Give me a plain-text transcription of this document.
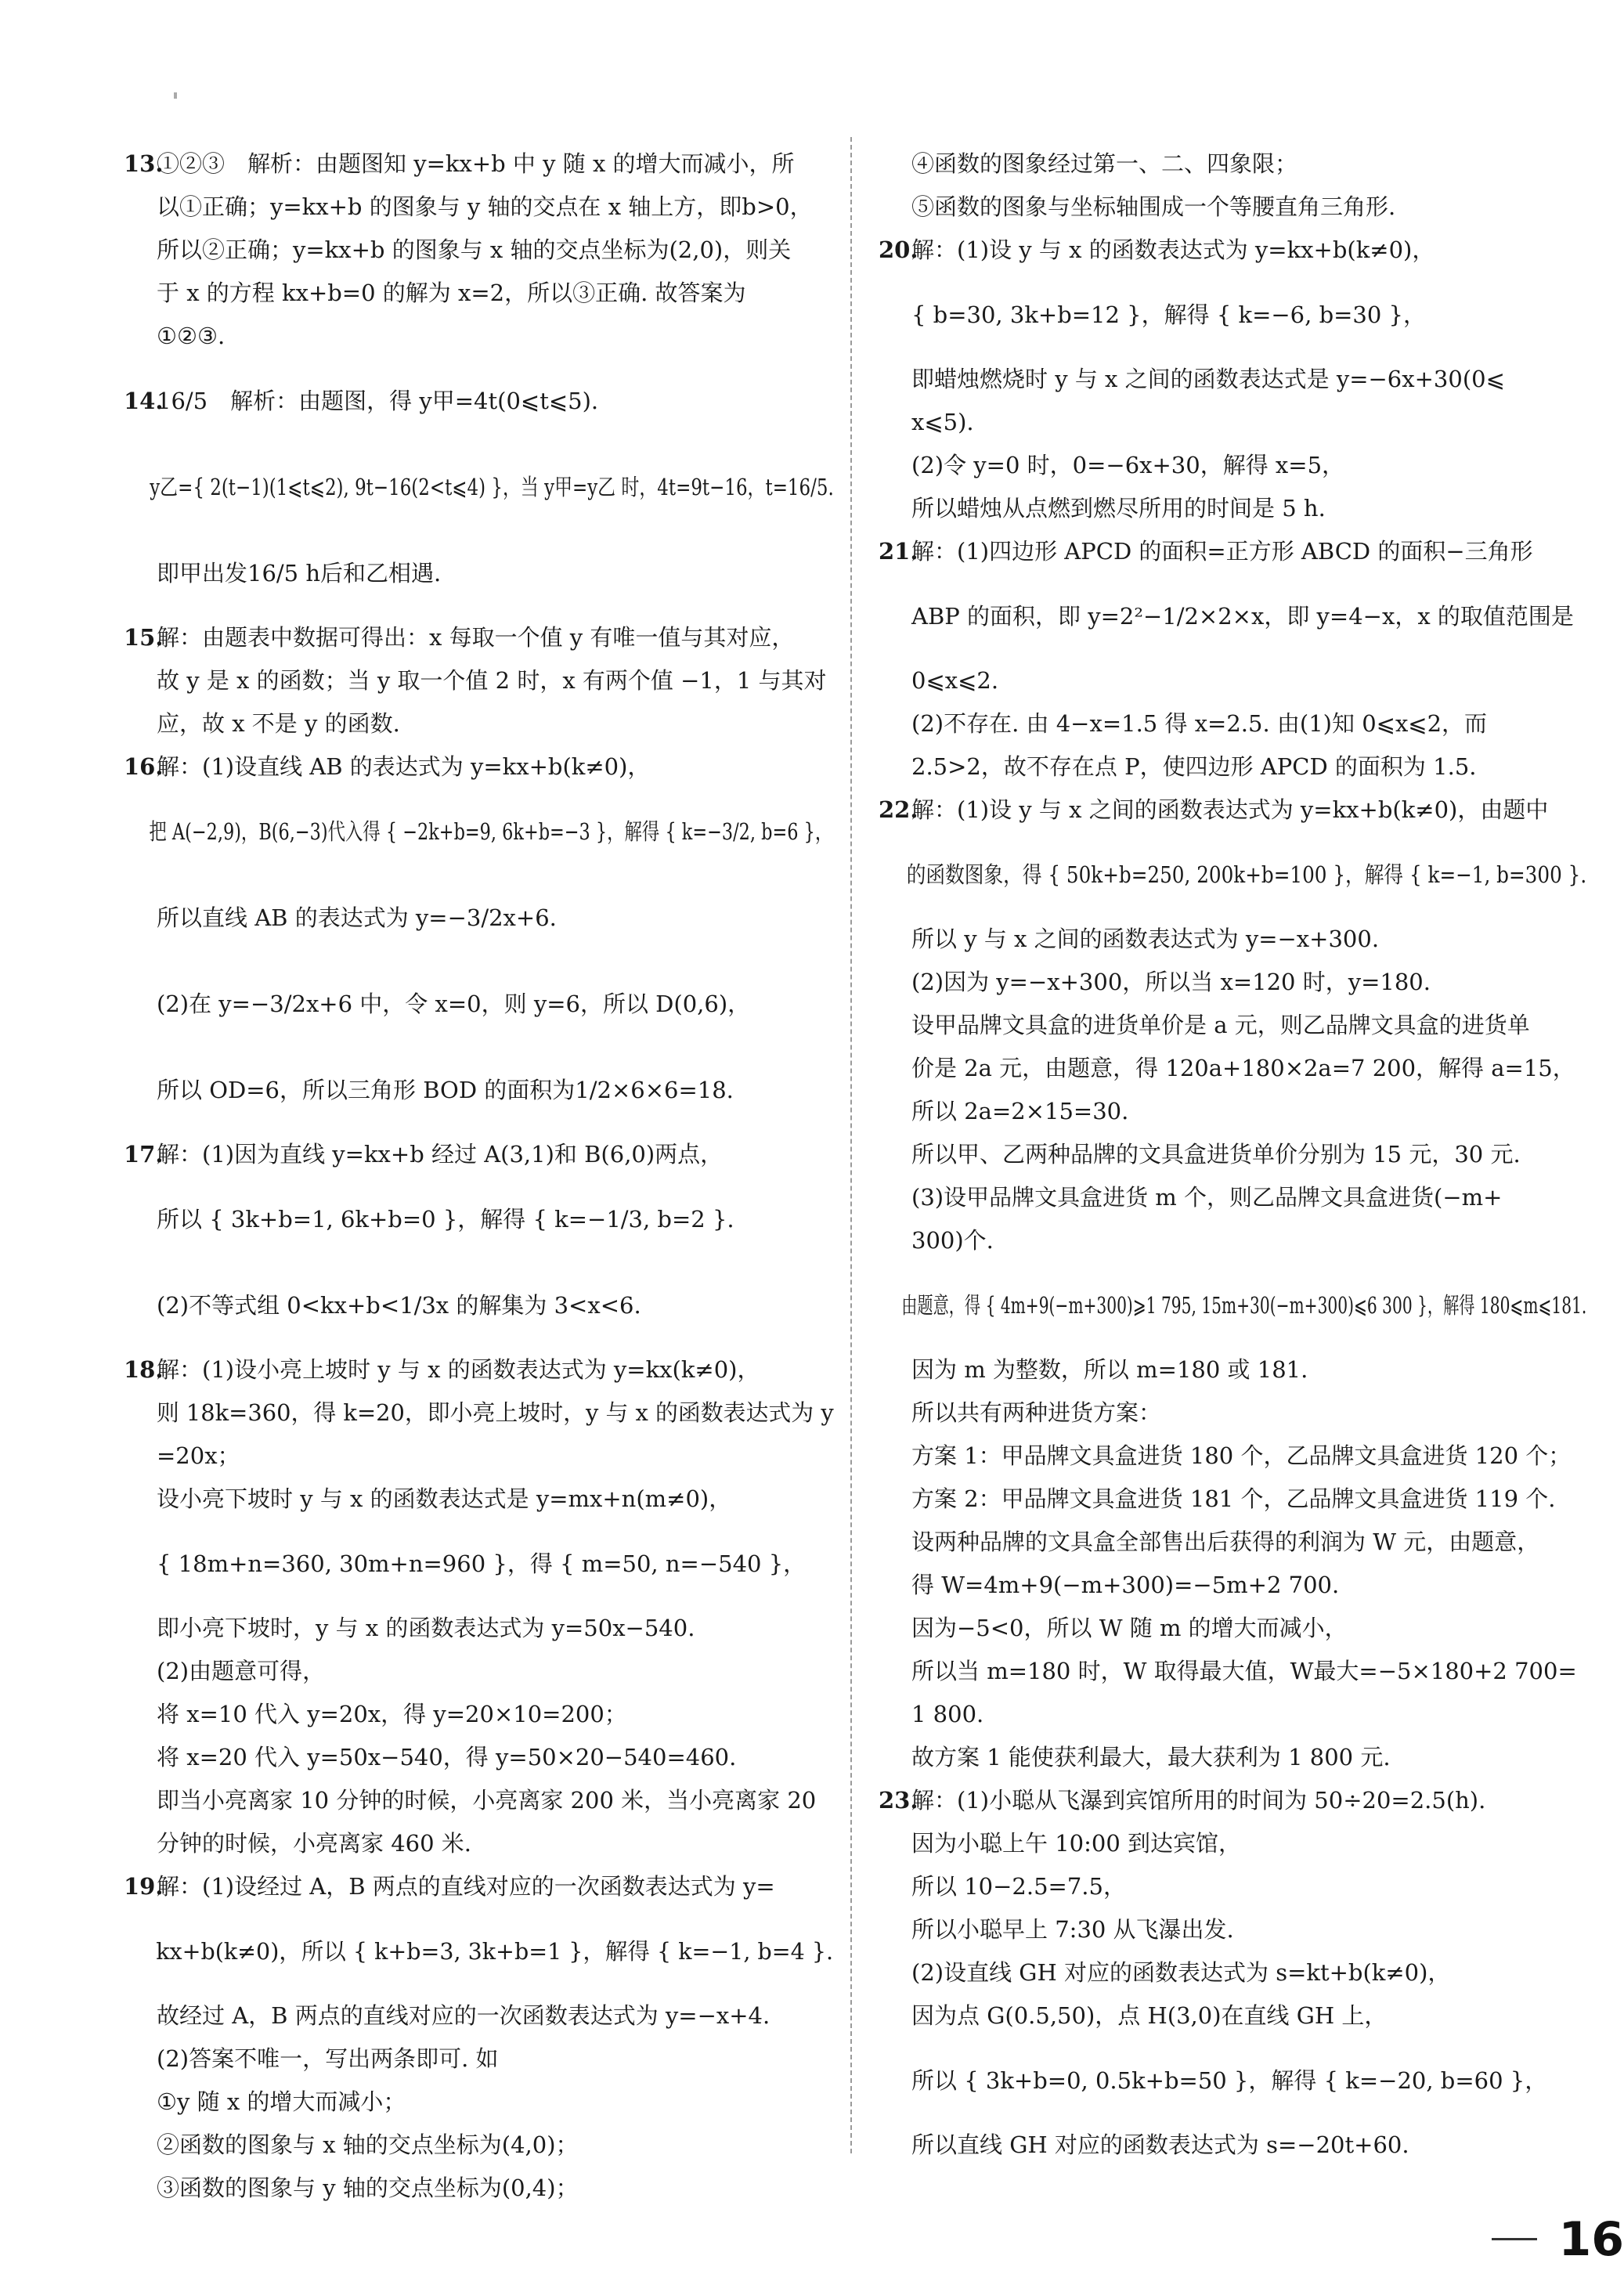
13.①②③　解析：由题图知 y=kx+b 中 y 随 x 的增大而减小，所
以①正确；y=kx+b 的图象与 y 轴的交点在 x 轴上方，即b>0，
所以②正确；y=kx+b 的图象与 x 轴的交点坐标为(2,0)，则关
于 x 的方程 kx+b=0 的解为 x=2，所以③正确. 故答案为
①②③.
14.
16/5　解析：由题图，得 y甲=4t(0⩽t⩽5).
y乙={ 2(t−1)(1⩽t⩽2), 9t−16(2<t⩽4) }，当 y甲=y乙 时，4t=9t−16，t=16/5.
即甲出发16/5 h后和乙相遇.
15.解：由题表中数据可得出：x 每取一个值 y 有唯一值与其对应，
故 y 是 x 的函数；当 y 取一个值 2 时，x 有两个值 −1，1 与其对
应，故 x 不是 y 的函数.
16.解：(1)设直线 AB 的表达式为 y=kx+b(k≠0)，
把 A(−2,9)，B(6,−3)代入得 { −2k+b=9, 6k+b=−3 }，解得 { k=−3/2, b=6 }，
所以直线 AB 的表达式为 y=−3/2x+6.
(2)在 y=−3/2x+6 中，令 x=0，则 y=6，所以 D(0,6)，
所以 OD=6，所以三角形 BOD 的面积为1/2×6×6=18.
17.解：(1)因为直线 y=kx+b 经过 A(3,1)和 B(6,0)两点，
所以 { 3k+b=1, 6k+b=0 }，解得 { k=−1/3, b=2 }.
(2)不等式组 0<kx+b<1/3x 的解集为 3<x<6.
18.解：(1)设小亮上坡时 y 与 x 的函数表达式为 y=kx(k≠0)，
则 18k=360，得 k=20，即小亮上坡时，y 与 x 的函数表达式为 y
=20x；
设小亮下坡时 y 与 x 的函数表达式是 y=mx+n(m≠0)，
{ 18m+n=360, 30m+n=960 }，得 { m=50, n=−540 }，
即小亮下坡时，y 与 x 的函数表达式为 y=50x−540.
(2)由题意可得，
将 x=10 代入 y=20x，得 y=20×10=200；
将 x=20 代入 y=50x−540，得 y=50×20−540=460.
即当小亮离家 10 分钟的时候，小亮离家 200 米，当小亮离家 20
分钟的时候，小亮离家 460 米.
19.解：(1)设经过 A，B 两点的直线对应的一次函数表达式为 y=
kx+b(k≠0)，所以 { k+b=3, 3k+b=1 }，解得 { k=−1, b=4 }.
故经过 A，B 两点的直线对应的一次函数表达式为 y=−x+4.
(2)答案不唯一，写出两条即可. 如
①y 随 x 的增大而减小；
②函数的图象与 x 轴的交点坐标为(4,0)；
③函数的图象与 y 轴的交点坐标为(0,4)；
④函数的图象经过第一、二、四象限；
⑤函数的图象与坐标轴围成一个等腰直角三角形.
20.解：(1)设 y 与 x 的函数表达式为 y=kx+b(k≠0)，
{ b=30, 3k+b=12 }，解得 { k=−6, b=30 }，
即蜡烛燃烧时 y 与 x 之间的函数表达式是 y=−6x+30(0⩽
x⩽5).
(2)令 y=0 时，0=−6x+30，解得 x=5，
所以蜡烛从点燃到燃尽所用的时间是 5 h.
21.解：(1)四边形 APCD 的面积=正方形 ABCD 的面积−三角形
ABP 的面积，即 y=2²−1/2×2×x，即 y=4−x，x 的取值范围是
0⩽x⩽2.
(2)不存在. 由 4−x=1.5 得 x=2.5. 由(1)知 0⩽x⩽2，而
2.5>2，故不存在点 P，使四边形 APCD 的面积为 1.5.
22.解：(1)设 y 与 x 之间的函数表达式为 y=kx+b(k≠0)，由题中
的函数图象，得 { 50k+b=250, 200k+b=100 }，解得 { k=−1, b=300 }.
所以 y 与 x 之间的函数表达式为 y=−x+300.
(2)因为 y=−x+300，所以当 x=120 时，y=180.
设甲品牌文具盒的进货单价是 a 元，则乙品牌文具盒的进货单
价是 2a 元，由题意，得 120a+180×2a=7 200，解得 a=15，
所以 2a=2×15=30.
所以甲、乙两种品牌的文具盒进货单价分别为 15 元，30 元.
(3)设甲品牌文具盒进货 m 个，则乙品牌文具盒进货(−m+
300)个.
由题意，得 { 4m+9(−m+300)⩾1 795, 15m+30(−m+300)⩽6 300 }，解得 180⩽m⩽181.
因为 m 为整数，所以 m=180 或 181.
所以共有两种进货方案：
方案 1：甲品牌文具盒进货 180 个，乙品牌文具盒进货 120 个；
方案 2：甲品牌文具盒进货 181 个，乙品牌文具盒进货 119 个.
设两种品牌的文具盒全部售出后获得的利润为 W 元，由题意，
得 W=4m+9(−m+300)=−5m+2 700.
因为−5<0，所以 W 随 m 的增大而减小，
所以当 m=180 时，W 取得最大值，W最大=−5×180+2 700=
1 800.
故方案 1 能使获利最大，最大获利为 1 800 元.
23.解：(1)小聪从飞瀑到宾馆所用的时间为 50÷20=2.5(h).
因为小聪上午 10:00 到达宾馆，
所以 10−2.5=7.5，
所以小聪早上 7:30 从飞瀑出发.
(2)设直线 GH 对应的函数表达式为 s=kt+b(k≠0)，
因为点 G(0.5,50)，点 H(3,0)在直线 GH 上，
所以 { 3k+b=0, 0.5k+b=50 }，解得 { k=−20, b=60 }，
所以直线 GH 对应的函数表达式为 s=−20t+60.
16
